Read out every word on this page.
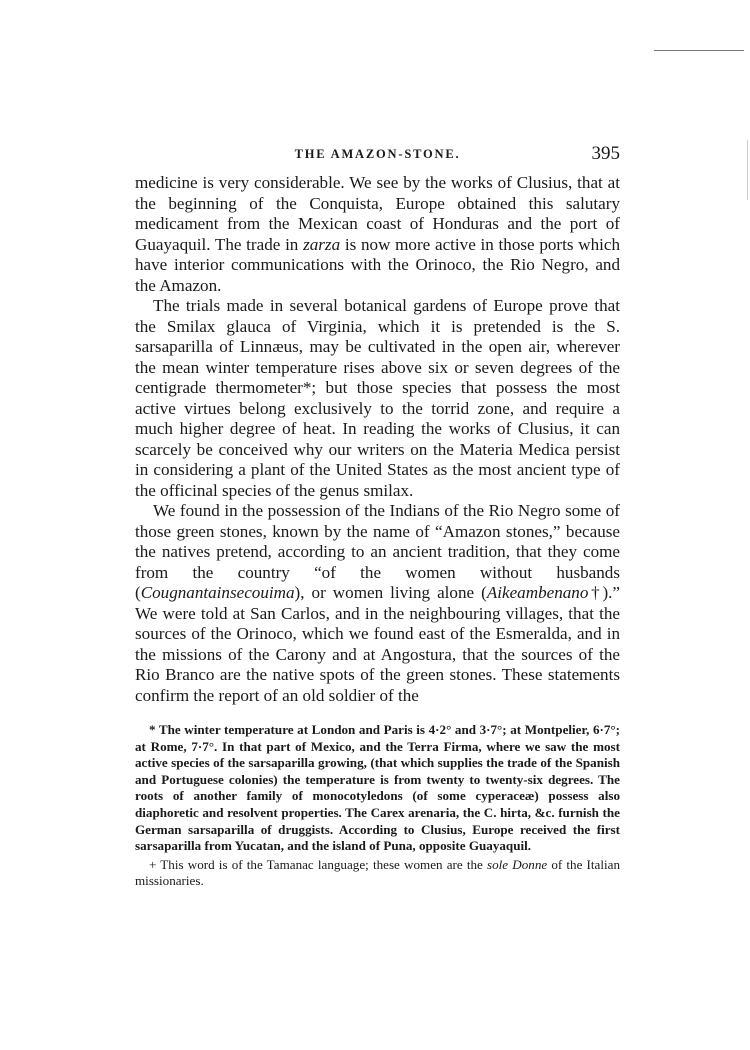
THE AMAZON-STONE.	395

medicine is very considerable. We see by the works of Clusius, that at the beginning of the Conquista, Europe obtained this salutary medicament from the Mexican coast of Honduras and the port of Guayaquil. The trade in zarza is now more active in those ports which have interior communications with the Orinoco, the Rio Negro, and the Amazon.

The trials made in several botanical gardens of Europe prove that the Smilax glauca of Virginia, which it is pretended is the S. sarsaparilla of Linnæus, may be cultivated in the open air, wherever the mean winter temperature rises above six or seven degrees of the centigrade thermometer*; but those species that possess the most active virtues belong exclusively to the torrid zone, and require a much higher degree of heat. In reading the works of Clusius, it can scarcely be conceived why our writers on the Materia Medica persist in considering a plant of the United States as the most ancient type of the officinal species of the genus smilax.

We found in the possession of the Indians of the Rio Negro some of those green stones, known by the name of “Amazon stones,” because the natives pretend, according to an ancient tradition, that they come from the country “of the women without husbands (Cougnantainsecouima), or women living alone (Aikeambenano†).” We were told at San Carlos, and in the neighbouring villages, that the sources of the Orinoco, which we found east of the Esmeralda, and in the missions of the Carony and at Angostura, that the sources of the Rio Branco are the native spots of the green stones. These statements confirm the report of an old soldier of the

* The winter temperature at London and Paris is 4·2° and 3·7°; at Montpelier, 6·7°; at Rome, 7·7°. In that part of Mexico, and the Terra Firma, where we saw the most active species of the sarsaparilla growing, (that which supplies the trade of the Spanish and Portuguese colonies) the temperature is from twenty to twenty-six degrees. The roots of another family of monocotyledons (of some cyperaceæ) possess also diaphoretic and resolvent properties. The Carex arenaria, the C. hirta, &c. furnish the German sarsaparilla of druggists. According to Clusius, Europe received the first sarsaparilla from Yucatan, and the island of Puna, opposite Guayaquil.

+ This word is of the Tamanac language; these women are the sole Donne of the Italian missionaries.
